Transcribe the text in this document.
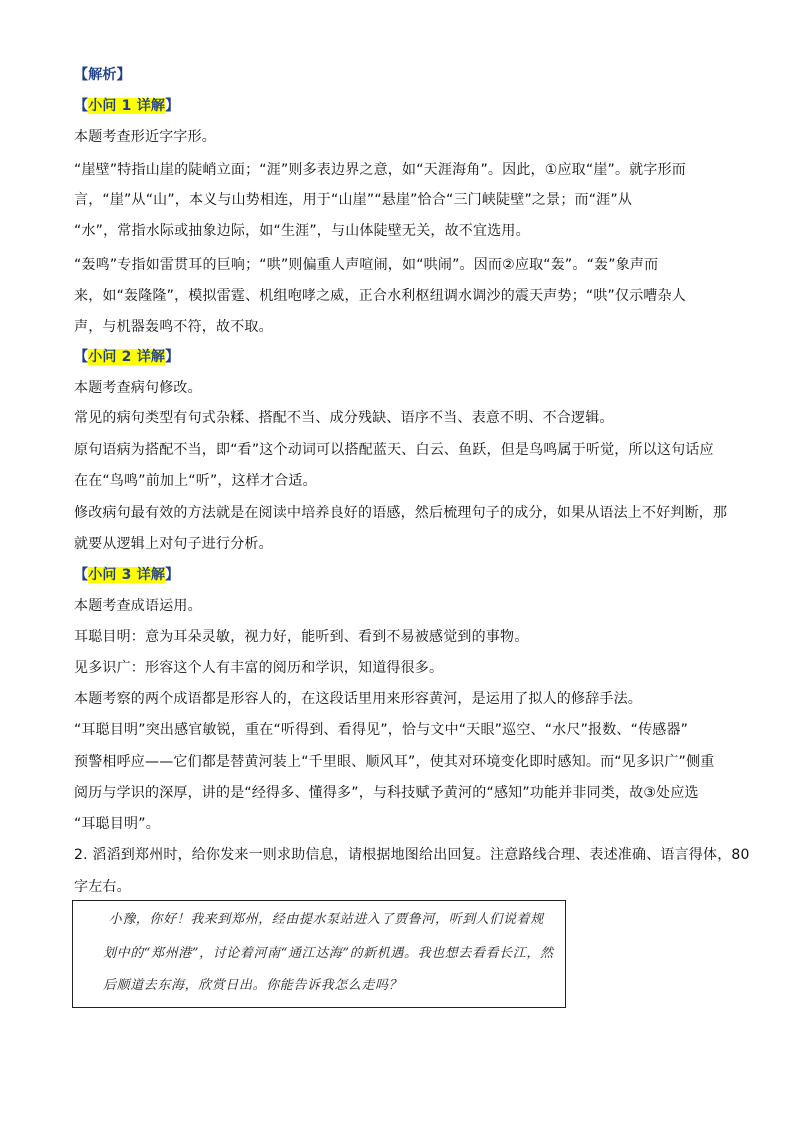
【解析】
【小问 1 详解】
本题考查形近字字形。
“崖壁”特指山崖的陡峭立面；“涯”则多表边界之意，如“天涯海角”。因此，①应取“崖”。就字形而
言，“崖”从“山”，本义与山势相连，用于“山崖”“悬崖”恰合“三门峡陡壁”之景；而“涯”从
“水”，常指水际或抽象边际，如“生涯”，与山体陡壁无关，故不宜选用。
“轰鸣”专指如雷贯耳的巨响；“哄”则偏重人声喧闹，如“哄闹”。因而②应取“轰”。“轰”象声而
来，如“轰隆隆”，模拟雷霆、机组咆哮之威，正合水利枢纽调水调沙的震天声势；“哄”仅示嘈杂人
声，与机器轰鸣不符，故不取。
【小问 2 详解】
本题考查病句修改。
常见的病句类型有句式杂糅、搭配不当、成分残缺、语序不当、表意不明、不合逻辑。
原句语病为搭配不当，即“看”这个动词可以搭配蓝天、白云、鱼跃，但是鸟鸣属于听觉，所以这句话应
在在“鸟鸣”前加上“听”，这样才合适。
修改病句最有效的方法就是在阅读中培养良好的语感，然后梳理句子的成分，如果从语法上不好判断，那
就要从逻辑上对句子进行分析。
【小问 3 详解】
本题考查成语运用。
耳聪目明：意为耳朵灵敏，视力好，能听到、看到不易被感觉到的事物。
见多识广：形容这个人有丰富的阅历和学识，知道得很多。
本题考察的两个成语都是形容人的，在这段话里用来形容黄河，是运用了拟人的修辞手法。
“耳聪目明”突出感官敏锐，重在“听得到、看得见”，恰与文中“天眼”巡空、“水尺”报数、“传感器”
预警相呼应——它们都是替黄河装上“千里眼、顺风耳”，使其对环境变化即时感知。而“见多识广”侧重
阅历与学识的深厚，讲的是“经得多、懂得多”，与科技赋予黄河的“感知”功能并非同类，故③处应选
“耳聪目明”。
2. 滔滔到郑州时，给你发来一则求助信息，请根据地图给出回复。注意路线合理、表述准确、语言得体，80
字左右。
　小豫，你好！我来到郑州，经由提水泵站进入了贾鲁河，听到人们说着规
划中的“郑州港”，讨论着河南“通江达海”的新机遇。我也想去看看长江，然
后顺道去东海，欣赏日出。你能告诉我怎么走吗？
